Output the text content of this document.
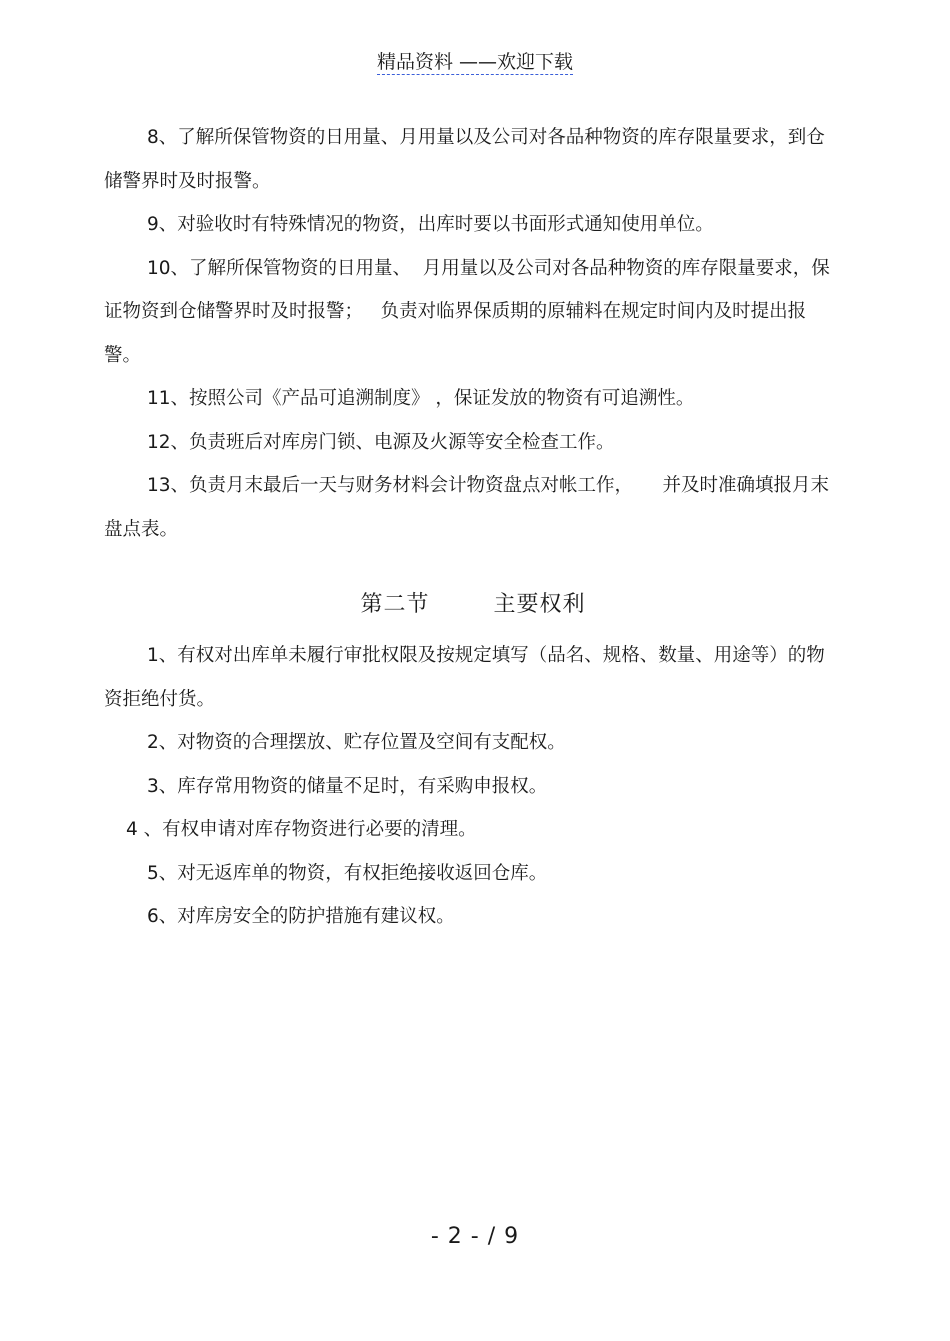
精品资料 ——欢迎下载

8、了解所保管物资的日用量、月用量以及公司对各品种物资的库存限量要求，到仓储警界时及时报警。

9、对验收时有特殊情况的物资，出库时要以书面形式通知使用单位。

10、了解所保管物资的日用量、  月用量以及公司对各品种物资的库存限量要求，保证物资到仓储警界时及时报警；   负责对临界保质期的原辅料在规定时间内及时提出报警。

11、按照公司《产品可追溯制度》 ，保证发放的物资有可追溯性。

12、负责班后对库房门锁、电源及火源等安全检查工作。

13、负责月末最后一天与财务材料会计物资盘点对帐工作，     并及时准确填报月末盘点表。

第二节        主要权利

1、有权对出库单未履行审批权限及按规定填写（品名、规格、数量、用途等）的物资拒绝付货。

2、对物资的合理摆放、贮存位置及空间有支配权。

3、库存常用物资的储量不足时，有采购申报权。

4 、有权申请对库存物资进行必要的清理。

5、对无返库单的物资，有权拒绝接收返回仓库。

6、对库房安全的防护措施有建议权。

- 2 - / 9
